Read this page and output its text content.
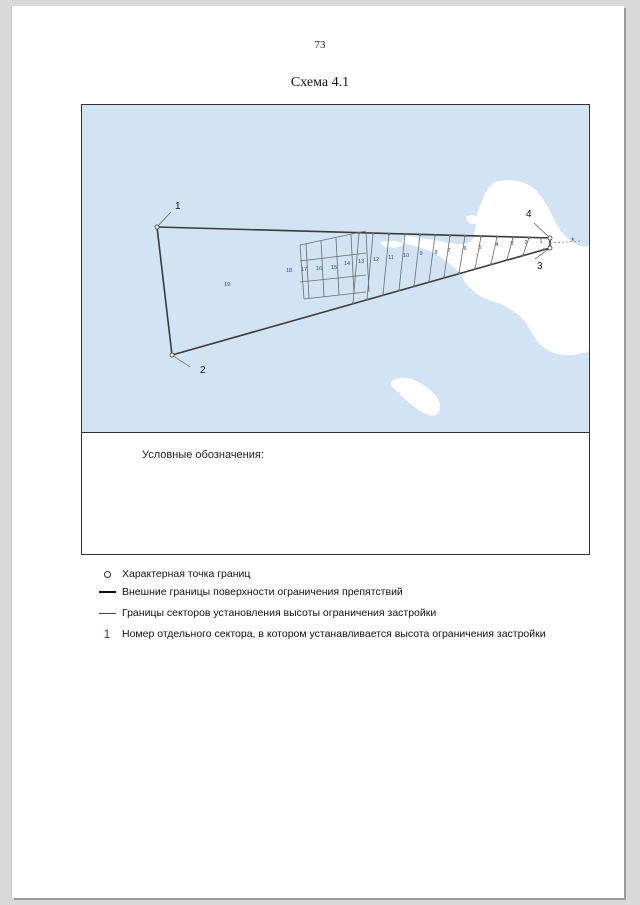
73
Схема 4.1
1
2
3
4
5
6
7
8
9
10
11
12
13
14
15
16
17
18
19
1
2
3
4
*
Условные обозначения:
Характерная точка границ
Внешние границы поверхности ограничения препятствий
Границы секторов установления высоты ограничения застройки
1	Номер отдельного сектора, в котором устанавливается высота ограничения застройки
